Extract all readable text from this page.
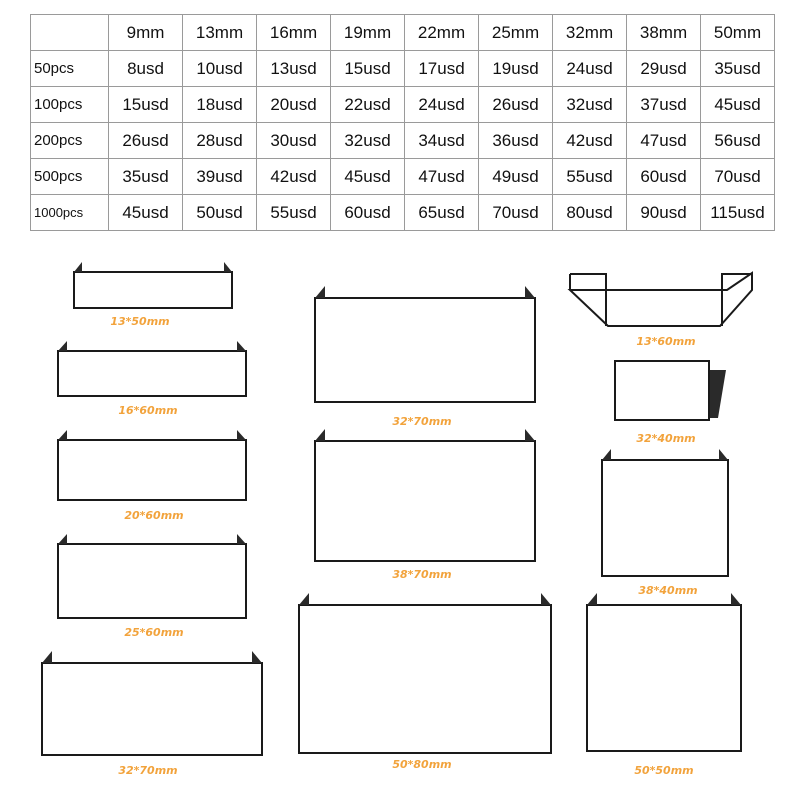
	9mm	13mm	16mm	19mm	22mm	25mm	32mm	38mm	50mm
50pcs	8usd	10usd	13usd	15usd	17usd	19usd	24usd	29usd	35usd
100pcs	15usd	18usd	20usd	22usd	24usd	26usd	32usd	37usd	45usd
200pcs	26usd	28usd	30usd	32usd	34usd	36usd	42usd	47usd	56usd
500pcs	35usd	39usd	42usd	45usd	47usd	49usd	55usd	60usd	70usd
1000pcs	45usd	50usd	55usd	60usd	65usd	70usd	80usd	90usd	115usd
13*50mm
16*60mm
20*60mm
25*60mm
32*70mm
32*70mm
38*70mm
50*80mm
13*60mm
32*40mm
38*40mm
50*50mm
